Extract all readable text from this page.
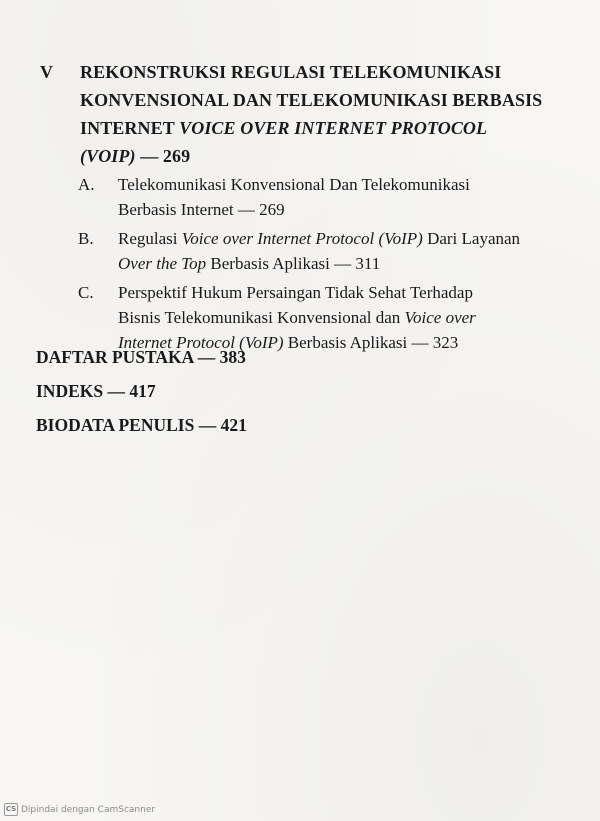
V REKONSTRUKSI REGULASI TELEKOMUNIKASI
KONVENSIONAL DAN TELEKOMUNIKASI BERBASIS
INTERNET VOICE OVER INTERNET PROTOCOL
(VOIP) — 269
A. Telekomunikasi Konvensional Dan Telekomunikasi
Berbasis Internet — 269
B. Regulasi Voice over Internet Protocol (VoIP) Dari Layanan
Over the Top Berbasis Aplikasi — 311
C. Perspektif Hukum Persaingan Tidak Sehat Terhadap
Bisnis Telekomunikasi Konvensional dan Voice over
Internet Protocol (VoIP) Berbasis Aplikasi — 323
DAFTAR PUSTAKA — 383
INDEKS — 417
BIODATA PENULIS — 421
CS Dipindai dengan CamScanner
